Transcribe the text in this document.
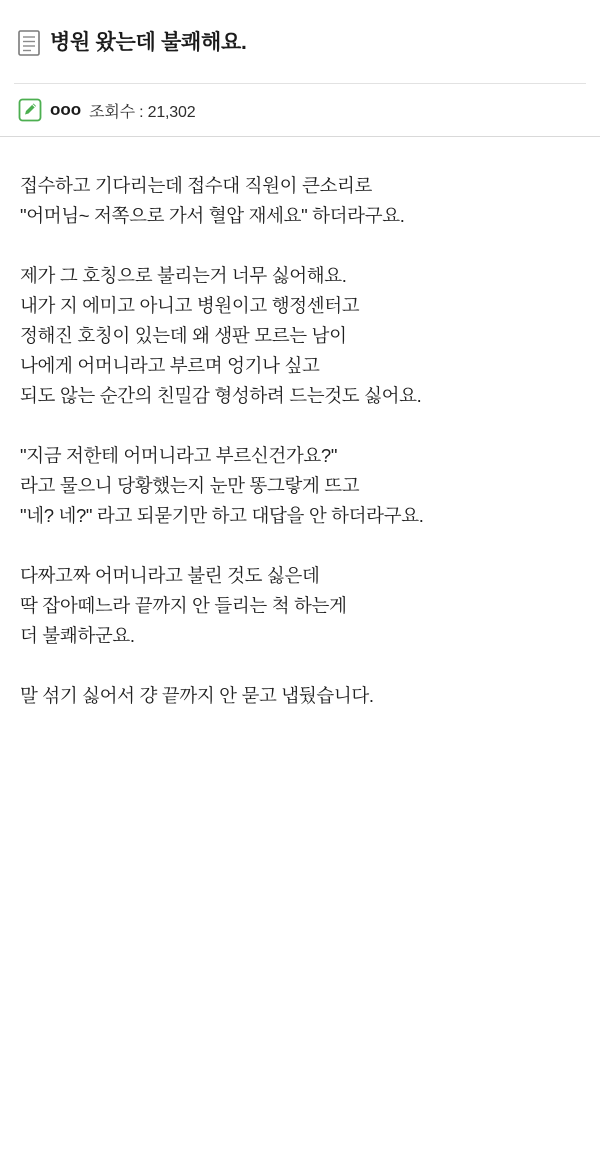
병원 왔는데 불쾌해요.
ooo 조회수 : 21,302
접수하고 기다리는데 접수대 직원이 큰소리로
"어머님~ 저쪽으로 가서 혈압 재세요" 하더라구요.
제가 그 호칭으로 불리는거 너무 싫어해요.
내가 지 에미고 아니고 병원이고 행정센터고
정해진 호칭이 있는데 왜 생판 모르는 남이
나에게 어머니라고 부르며 엉기나 싶고
되도 않는 순간의 친밀감 형성하려 드는것도 싫어요.
"지금 저한테 어머니라고 부르신건가요?"
라고 물으니 당황했는지 눈만 똥그랗게 뜨고
"네? 네?" 라고 되묻기만 하고 대답을 안 하더라구요.
다짜고짜 어머니라고 불린 것도 싫은데
딱 잡아떼느라 끝까지 안 들리는 척 하는게
더 불쾌하군요.
말 섞기 싫어서 걍 끝까지 안 묻고 냅뒀습니다.
